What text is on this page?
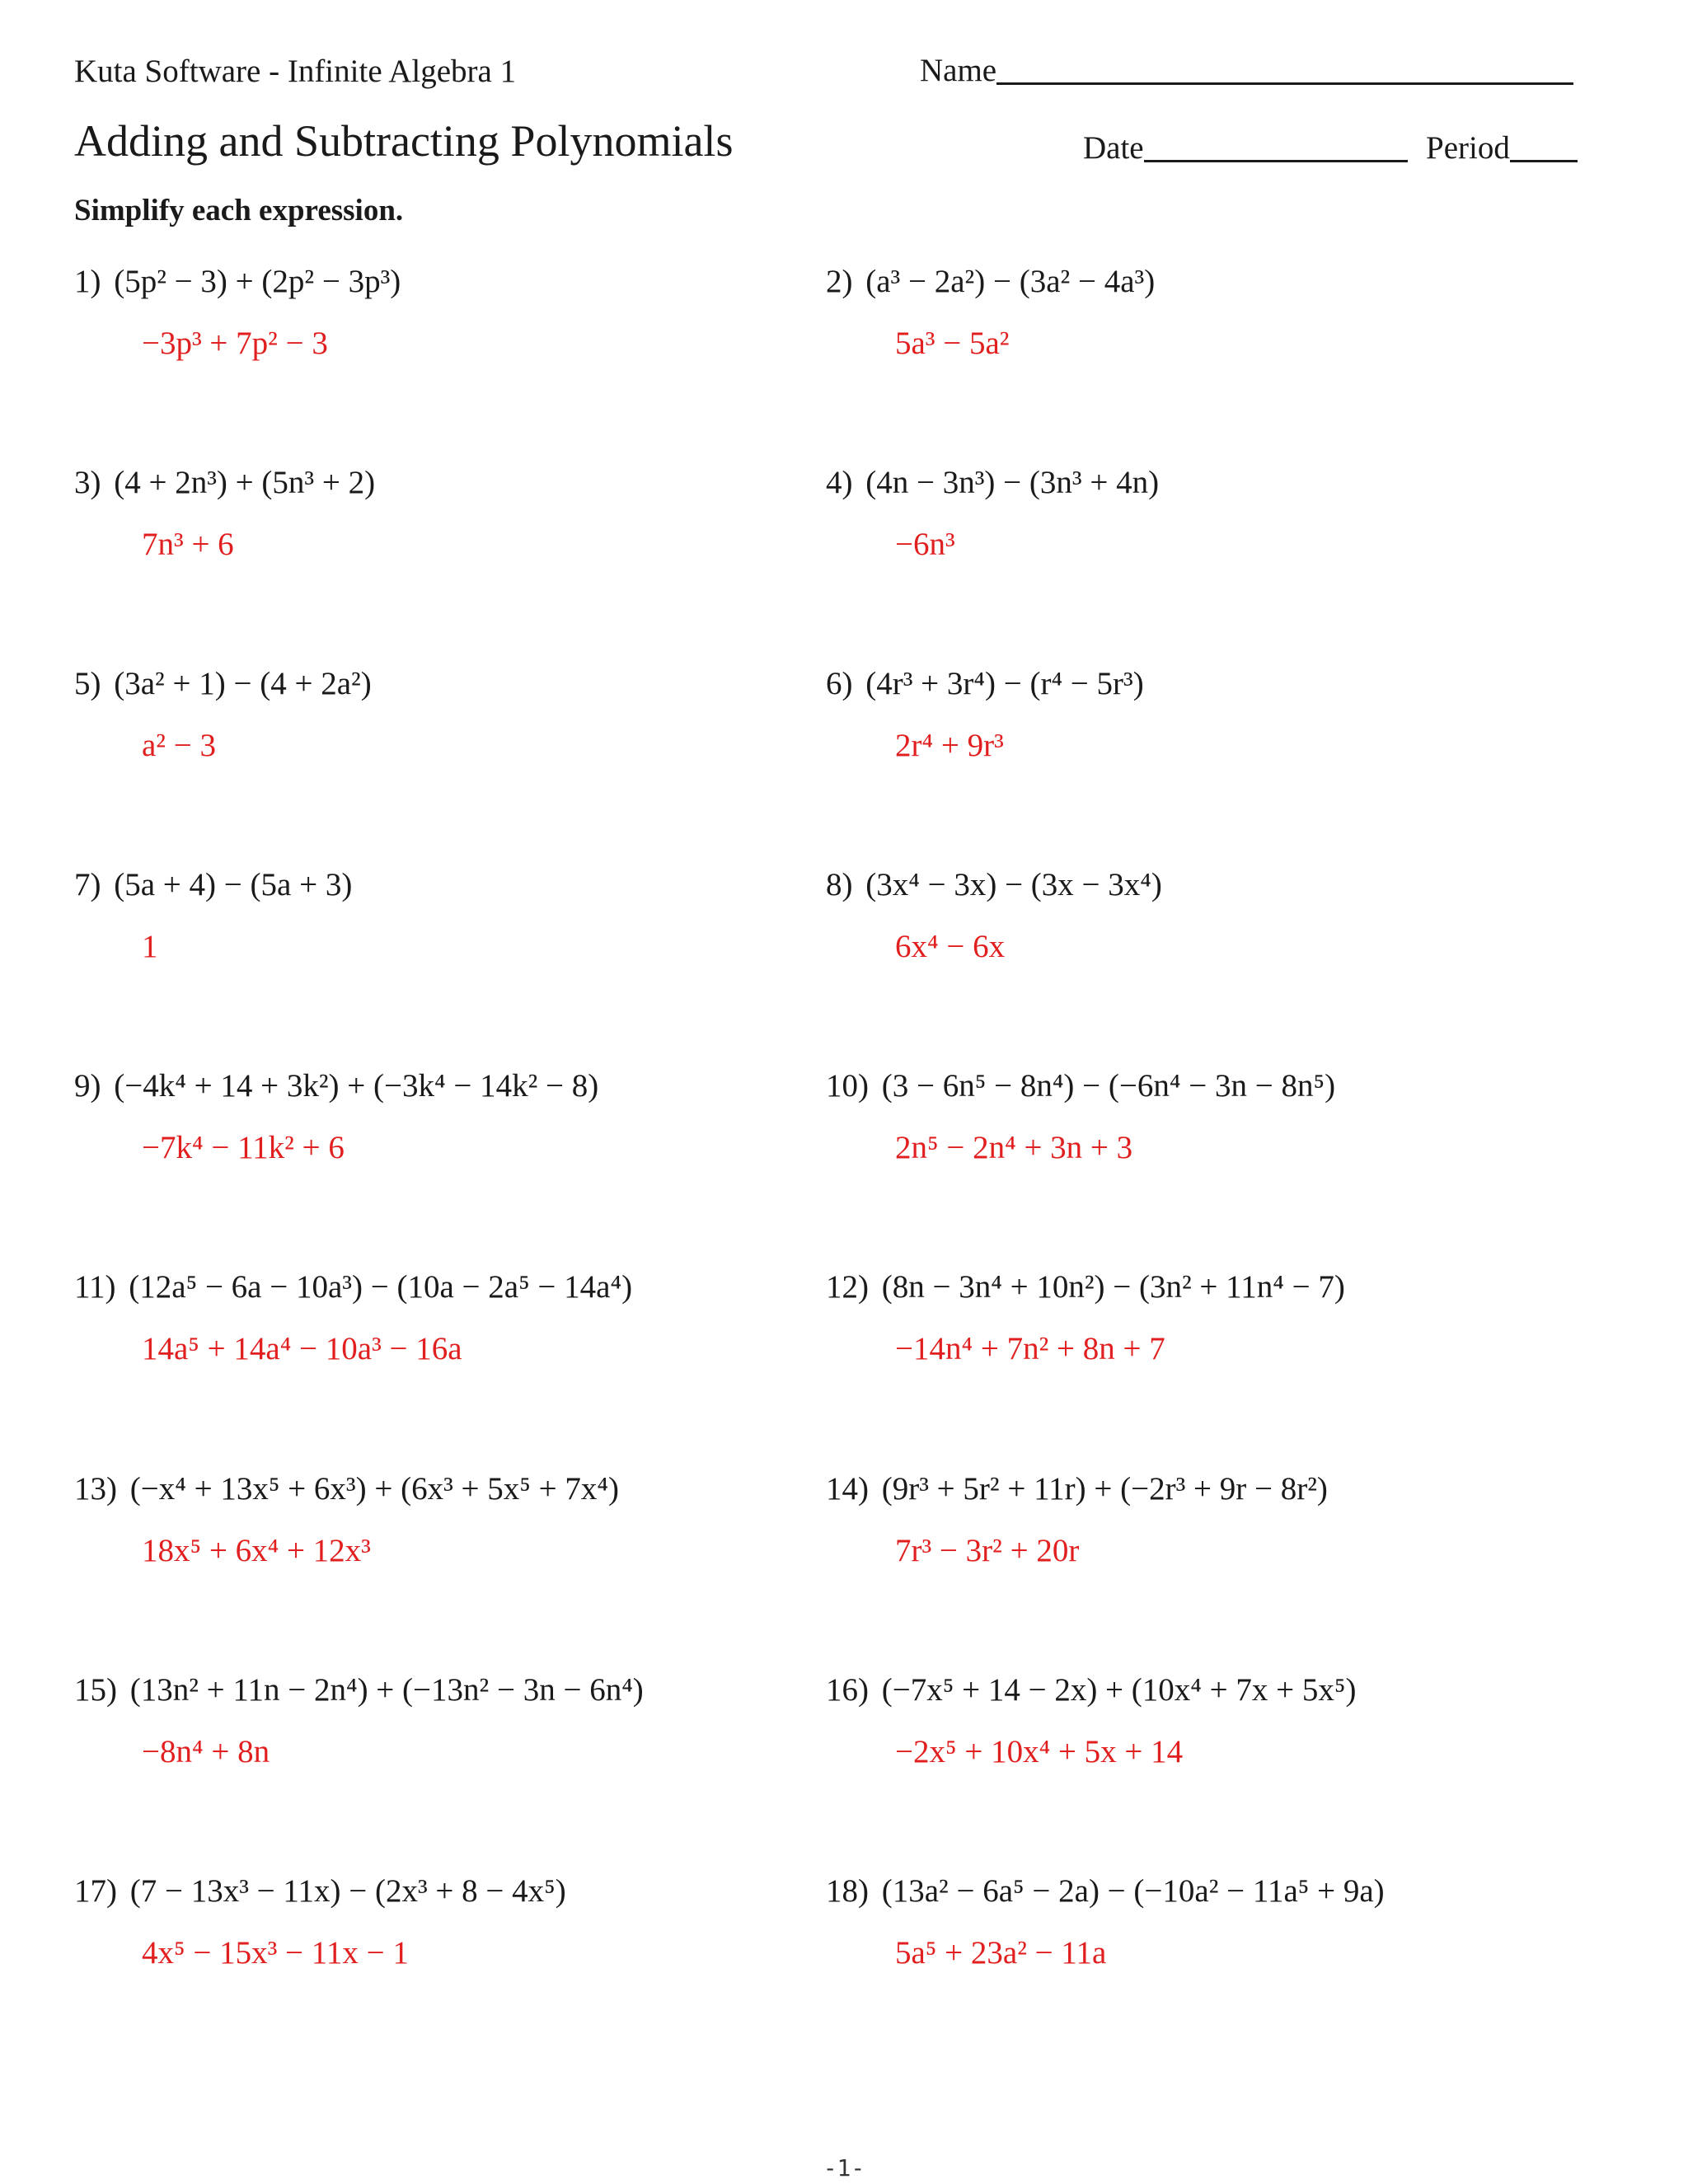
Kuta Software - Infinite Algebra 1	Name
Adding and Subtracting Polynomials	Date	Period
Simplify each expression.
1) (5p² − 3) + (2p² − 3p³)
−3p³ + 7p² − 3
2) (a³ − 2a²) − (3a² − 4a³)
5a³ − 5a²
3) (4 + 2n³) + (5n³ + 2)
7n³ + 6
4) (4n − 3n³) − (3n³ + 4n)
−6n³
5) (3a² + 1) − (4 + 2a²)
a² − 3
6) (4r³ + 3r⁴) − (r⁴ − 5r³)
2r⁴ + 9r³
7) (5a + 4) − (5a + 3)
1
8) (3x⁴ − 3x) − (3x − 3x⁴)
6x⁴ − 6x
9) (−4k⁴ + 14 + 3k²) + (−3k⁴ − 14k² − 8)
−7k⁴ − 11k² + 6
10) (3 − 6n⁵ − 8n⁴) − (−6n⁴ − 3n − 8n⁵)
2n⁵ − 2n⁴ + 3n + 3
11) (12a⁵ − 6a − 10a³) − (10a − 2a⁵ − 14a⁴)
14a⁵ + 14a⁴ − 10a³ − 16a
12) (8n − 3n⁴ + 10n²) − (3n² + 11n⁴ − 7)
−14n⁴ + 7n² + 8n + 7
13) (−x⁴ + 13x⁵ + 6x³) + (6x³ + 5x⁵ + 7x⁴)
18x⁵ + 6x⁴ + 12x³
14) (9r³ + 5r² + 11r) + (−2r³ + 9r − 8r²)
7r³ − 3r² + 20r
15) (13n² + 11n − 2n⁴) + (−13n² − 3n − 6n⁴)
−8n⁴ + 8n
16) (−7x⁵ + 14 − 2x) + (10x⁴ + 7x + 5x⁵)
−2x⁵ + 10x⁴ + 5x + 14
17) (7 − 13x³ − 11x) − (2x³ + 8 − 4x⁵)
4x⁵ − 15x³ − 11x − 1
18) (13a² − 6a⁵ − 2a) − (−10a² − 11a⁵ + 9a)
5a⁵ + 23a² − 11a
-1-
